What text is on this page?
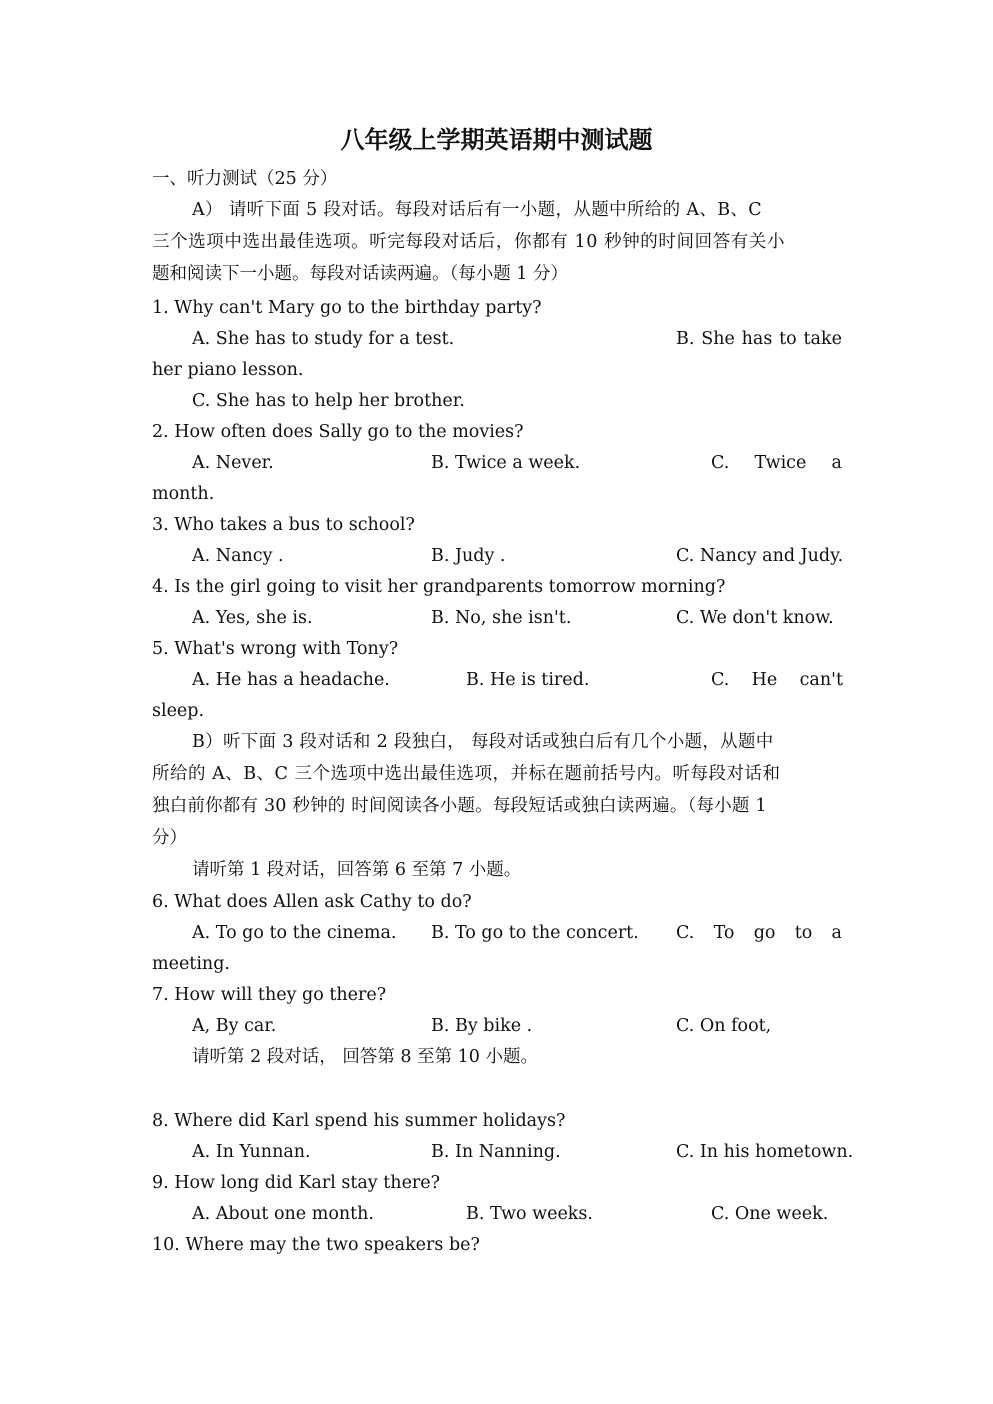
八年级上学期英语期中测试题
一、听力测试（25 分）
A） 请听下面 5 段对话。每段对话后有一小题，从题中所给的 A、B、C
三个选项中选出最佳选项。听完每段对话后，你都有 10 秒钟的时间回答有关小
题和阅读下一小题。每段对话读两遍。（每小题 1 分）
1. Why can't Mary go to the birthday party?
A. She has to study for a test.	B. She has to take
her piano lesson.
C. She has to help her brother.
2. How often does Sally go to the movies?
A. Never.	B. Twice a week.	C. Twice a
month.
3. Who takes a bus to school?
A. Nancy .	B. Judy .	C. Nancy and Judy.
4. Is the girl going to visit her grandparents tomorrow morning?
A. Yes, she is.	B. No, she isn't.	C. We don't know.
5. What's wrong with Tony?
A. He has a headache.	B. He is tired.	C. He can't
sleep.
B）听下面 3 段对话和 2 段独白， 每段对话或独白后有几个小题，从题中
所给的 A、B、C 三个选项中选出最佳选项，并标在题前括号内。听每段对话和
独白前你都有 30 秒钟的 时间阅读各小题。每段短话或独白读两遍。（每小题 1
分）
请听第 1 段对话，回答第 6 至第 7 小题。
6. What does Allen ask Cathy to do?
A. To go to the cinema. B. To go to the concert. C. To go to a
meeting.
7. How will they go there?
A, By car.	B. By bike .	C. On foot,
请听第 2 段对话， 回答第 8 至第 10 小题。
8. Where did Karl spend his summer holidays?
A. In Yunnan.	B. In Nanning.	C. In his hometown.
9. How long did Karl stay there?
A. About one month.	B. Two weeks.	C. One week.
10. Where may the two speakers be?
